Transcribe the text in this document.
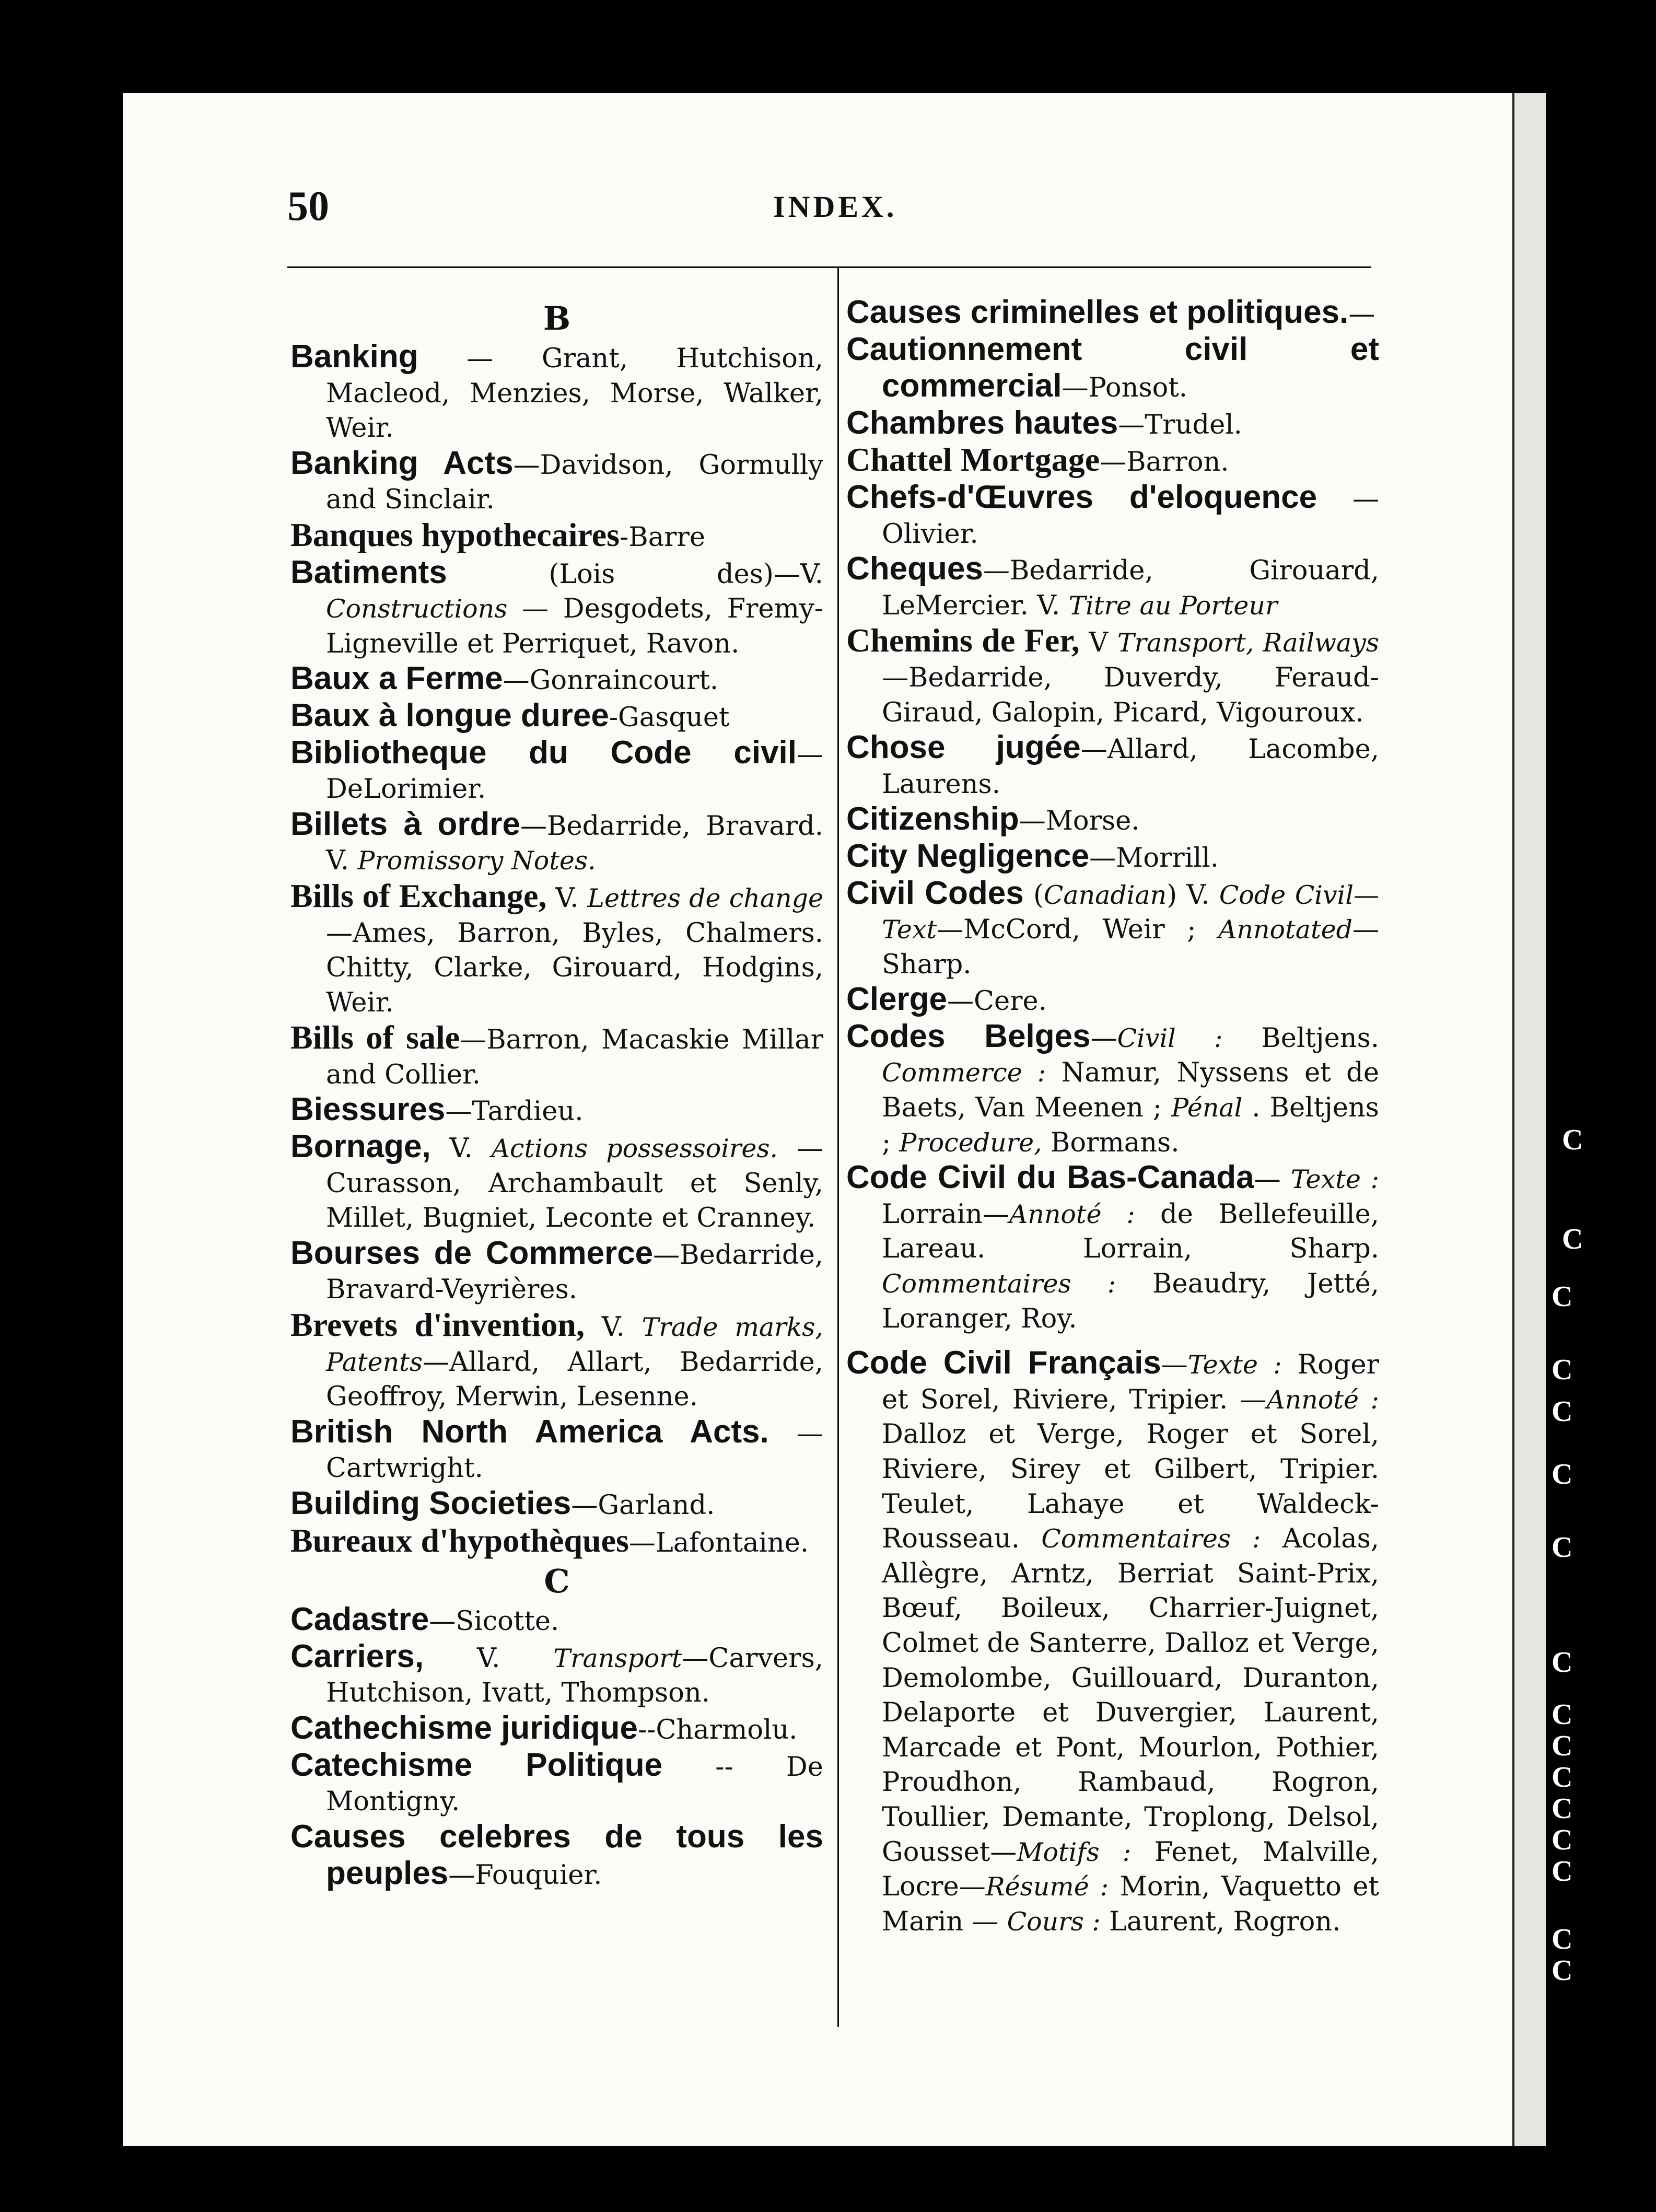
50	INDEX.
B
Banking — Grant, Hutchison, Macleod, Menzies, Morse, Walker, Weir.
Banking Acts—Davidson, Gormully and Sinclair.
Banques hypothecaires-Barre
Batiments (Lois des)—V. Constructions — Desgodets, Fremy-Ligneville et Perriquet, Ravon.
Baux a Ferme—Gonraincourt.
Baux à longue duree-Gasquet
Bibliotheque du Code civil—DeLorimier.
Billets à ordre—Bedarride, Bravard. V. Promissory Notes.
Bills of Exchange, V. Lettres de change—Ames, Barron, Byles, Chalmers. Chitty, Clarke, Girouard, Hodgins, Weir.
Bills of sale—Barron, Macaskie Millar and Collier.
Biessures—Tardieu.
Bornage, V. Actions possessoires. — Curasson, Archambault et Senly, Millet, Bugniet, Leconte et Cranney.
Bourses de Commerce—Bedarride, Bravard-Veyrières.
Brevets d'invention, V. Trade marks, Patents—Allard, Allart, Bedarride, Geoffroy, Merwin, Lesenne.
British North America Acts. —Cartwright.
Building Societies—Garland.
Bureaux d'hypothèques—Lafontaine.
C
Cadastre—Sicotte.
Carriers, V. Transport—Carvers, Hutchison, Ivatt, Thompson.
Cathechisme juridique--Charmolu.
Catechisme Politique -- De Montigny.
Causes celebres de tous les peuples—Fouquier.
Causes criminelles et politiques.—
Cautionnement civil et commercial—Ponsot.
Chambres hautes—Trudel.
Chattel Mortgage—Barron.
Chefs-d'Œuvres d'eloquence —Olivier.
Cheques—Bedarride, Girouard, LeMercier. V. Titre au Porteur
Chemins de Fer, V Transport, Railways—Bedarride, Duverdy, Feraud-Giraud, Galopin, Picard, Vigouroux.
Chose jugée—Allard, Lacombe, Laurens.
Citizenship—Morse.
City Negligence—Morrill.
Civil Codes (Canadian) V. Code Civil— Text—McCord, Weir ; Annotated—Sharp.
Clerge—Cere.
Codes Belges—Civil : Beltjens. Commerce : Namur, Nyssens et de Baets, Van Meenen ; Pénal . Beltjens ; Procedure, Bormans.
Code Civil du Bas-Canada— Texte : Lorrain—Annoté : de Bellefeuille, Lareau. Lorrain, Sharp. Commentaires : Beaudry, Jetté, Loranger, Roy.
Code Civil Français—Texte : Roger et Sorel, Riviere, Tripier. —Annoté : Dalloz et Verge, Roger et Sorel, Riviere, Sirey et Gilbert, Tripier. Teulet, Lahaye et Waldeck-Rousseau. Commentaires : Acolas, Allègre, Arntz, Berriat Saint-Prix, Bœuf, Boileux, Charrier-Juignet, Colmet de Santerre, Dalloz et Verge, Demolombe, Guillouard, Duranton, Delaporte et Duvergier, Laurent, Marcade et Pont, Mourlon, Pothier, Proudhon, Rambaud, Rogron, Toullier, Demante, Troplong, Delsol, Gousset—Motifs : Fenet, Malville, Locre—Résumé : Morin, Vaquetto et Marin — Cours : Laurent, Rogron.
C
C
C
C
C
C
C
C
C
C
C
C
C
C
C
C
